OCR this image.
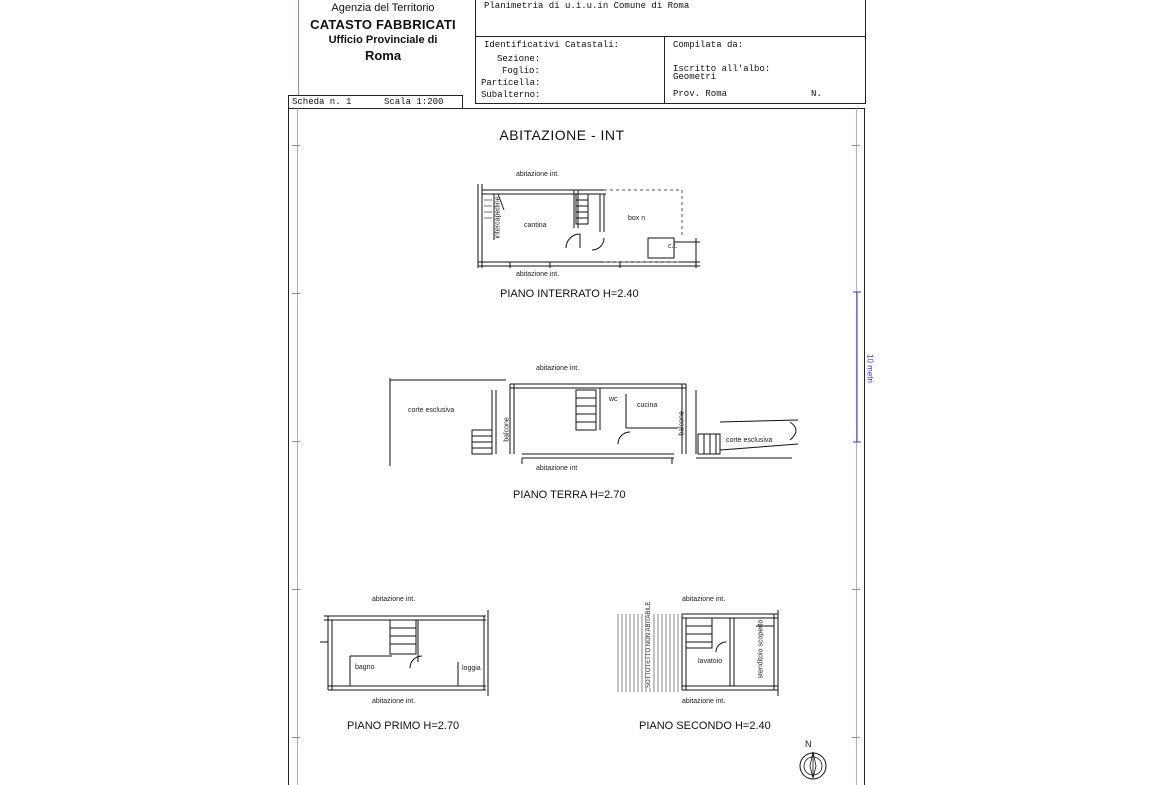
Agenzia del Territorio
CATASTO FABBRICATI
Ufficio Provinciale di
Roma
Planimetria di u.i.u.in Comune di Roma
Identificativi Catastali:
Sezione:
Foglio:
Particella:
Subalterno:
Compilata da:
Iscritto all'albo:
Geometri
Prov. Roma	N.
Scheda n. 1	Scala 1:200
ABITAZIONE - INT
10 metri
abitazione int.
intercapedine	cantina
box n
c.t.
abitazione int.
PIANO INTERRATO H=2.40
abitazione int.
corte esclusiva
balcone
wc
cucina
balcone
corte esclusiva
abitazione int
PIANO TERRA H=2.70
abitazione int.
bagno	loggia
abitazione int.
PIANO PRIMO H=2.70
abitazione int.
SOTTOTETTO NON ABITABILE	lavatoio	stenditoio scoperto
abitazione int.
PIANO SECONDO H=2.40
N
